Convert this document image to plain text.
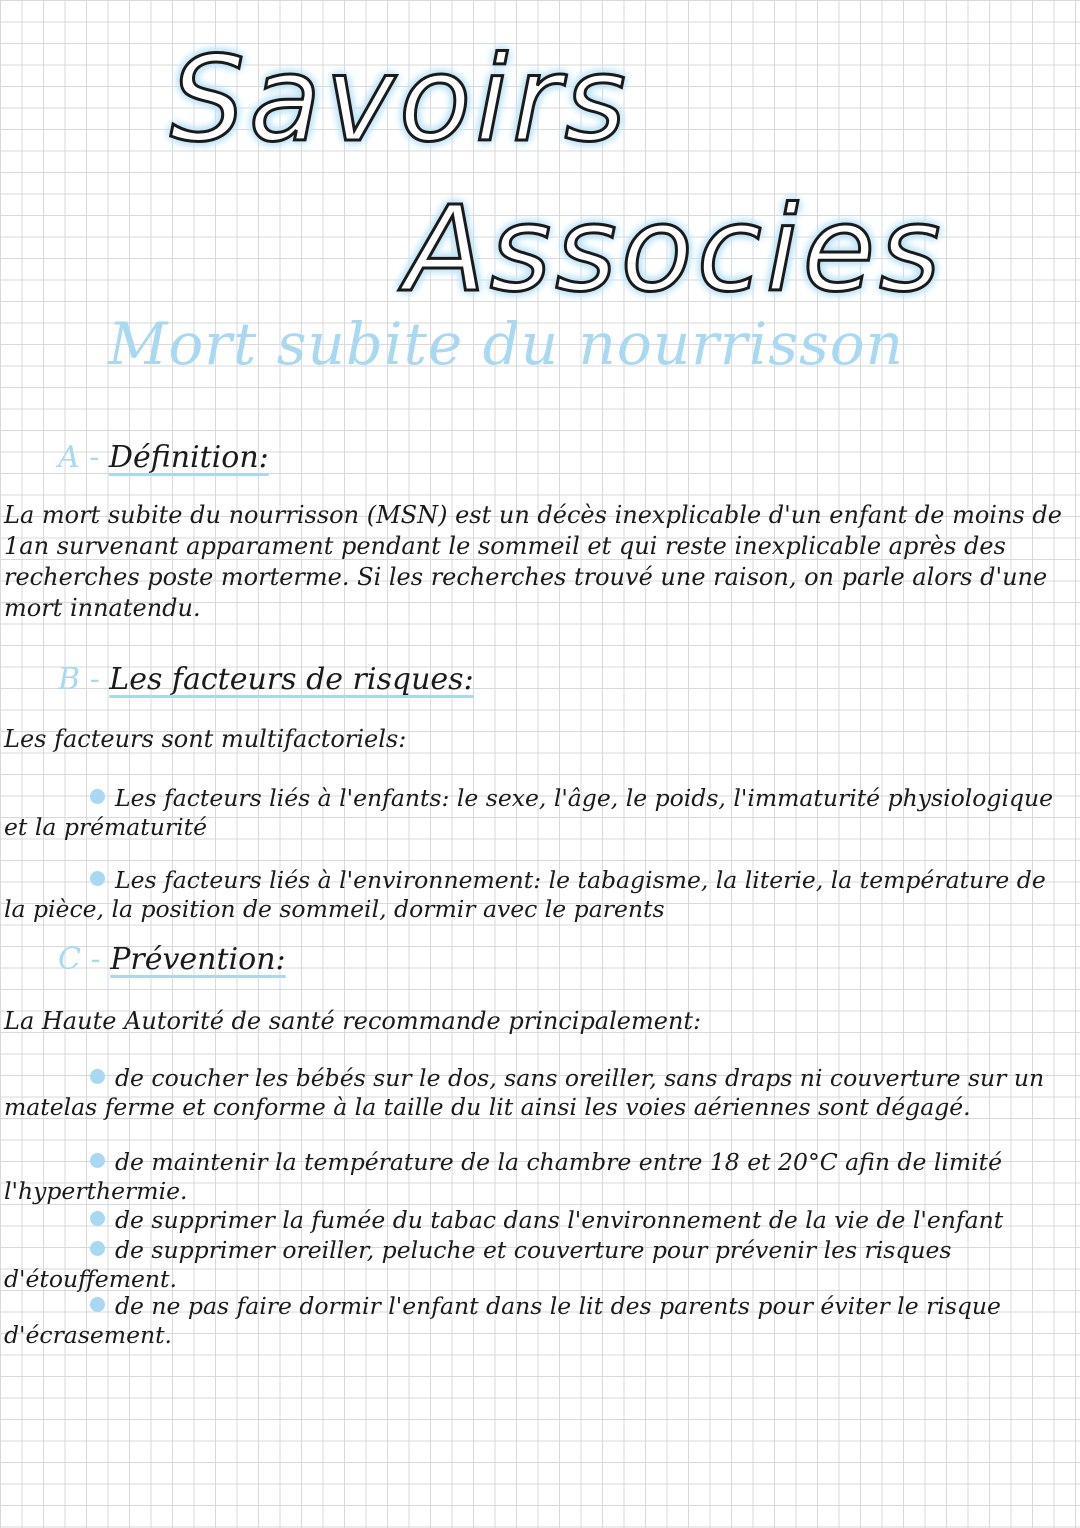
Savoirs
Associes
Mort subite du nourrisson
A - Définition:
La mort subite du nourrisson (MSN) est un décès inexplicable d'un enfant de moins de 1an survenant apparament pendant le sommeil et qui reste inexplicable après des recherches poste morterme. Si les recherches trouvé une raison, on parle alors d'une mort innatendu.
B - Les facteurs de risques:
Les facteurs sont multifactoriels:
Les facteurs liés à l'enfants: le sexe, l'âge, le poids, l'immaturité physiologique et la prématurité
Les facteurs liés à l'environnement: le tabagisme, la literie, la température de la pièce, la position de sommeil, dormir avec le parents
C - Prévention:
La Haute Autorité de santé recommande principalement:
de coucher les bébés sur le dos, sans oreiller, sans draps ni couverture sur un matelas ferme et conforme à la taille du lit ainsi les voies aériennes sont dégagé.
de maintenir la température de la chambre entre 18 et 20°C afin de limité l'hyperthermie.
de supprimer la fumée du tabac dans l'environnement de la vie de l'enfant
de supprimer oreiller, peluche et couverture pour prévenir les risques d'étouffement.
de ne pas faire dormir l'enfant dans le lit des parents pour éviter le risque d'écrasement.
